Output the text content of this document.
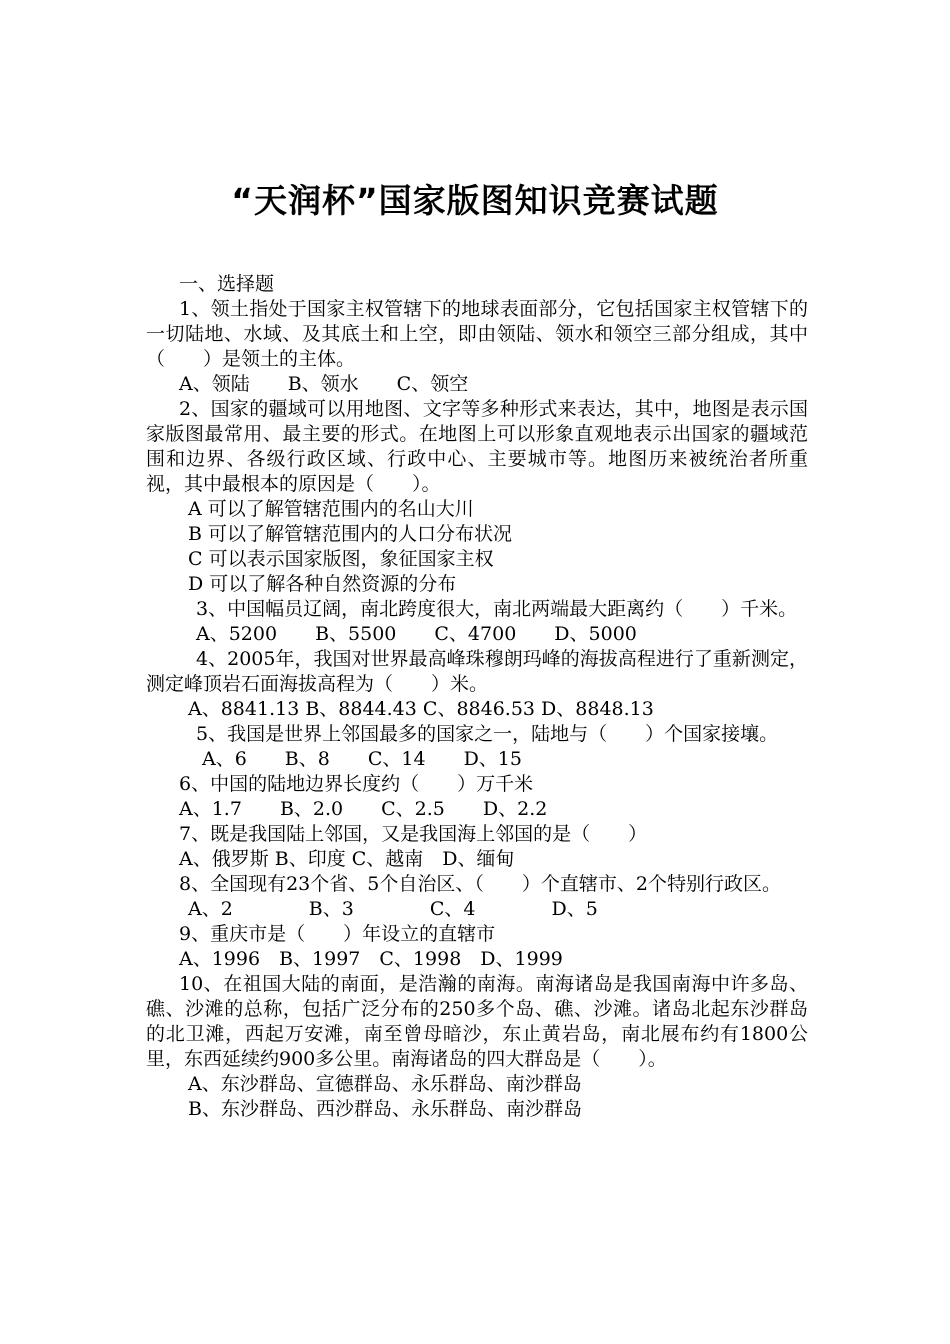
“天润杯”国家版图知识竞赛试题
一、选择题
1、领土指处于国家主权管辖下的地球表面部分，它包括国家主权管辖下的一切陆地、水域、及其底土和上空，即由领陆、领水和领空三部分组成，其中（　　）是领土的主体。
A、领陆　　B、领水　　C、领空
2、国家的疆域可以用地图、文字等多种形式来表达，其中，地图是表示国家版图最常用、最主要的形式。在地图上可以形象直观地表示出国家的疆域范围和边界、各级行政区域、行政中心、主要城市等。地图历来被统治者所重视，其中最根本的原因是（　　）。
A 可以了解管辖范围内的名山大川
B 可以了解管辖范围内的人口分布状况
C 可以表示国家版图，象征国家主权
D 可以了解各种自然资源的分布
3、中国幅员辽阔，南北跨度很大，南北两端最大距离约（　　）千米。
A、5200　　B、5500　　C、4700　　D、5000
4、2005年，我国对世界最高峰珠穆朗玛峰的海拔高程进行了重新测定，测定峰顶岩石面海拔高程为（　　）米。
A、8841.13 B、8844.43 C、8846.53 D、8848.13
5、我国是世界上邻国最多的国家之一，陆地与（　　）个国家接壤。
A、6　　B、8　　C、14　　D、15
6、中国的陆地边界长度约（　　）万千米
A、1.7　　B、2.0　　C、2.5　　D、2.2
7、既是我国陆上邻国，又是我国海上邻国的是（　　）
A、俄罗斯 B、印度 C、越南　D、缅甸
8、全国现有23个省、5个自治区、（　　）个直辖市、2个特别行政区。
A、2　　　　B、3　　　　C、4　　　　D、5
9、重庆市是（　　）年设立的直辖市
A、1996　B、1997　C、1998　D、1999
10、在祖国大陆的南面，是浩瀚的南海。南海诸岛是我国南海中许多岛、礁、沙滩的总称，包括广泛分布的250多个岛、礁、沙滩。诸岛北起东沙群岛的北卫滩，西起万安滩，南至曾母暗沙，东止黄岩岛，南北展布约有1800公里，东西延续约900多公里。南海诸岛的四大群岛是（　　）。
A、东沙群岛、宣德群岛、永乐群岛、南沙群岛
B、东沙群岛、西沙群岛、永乐群岛、南沙群岛
